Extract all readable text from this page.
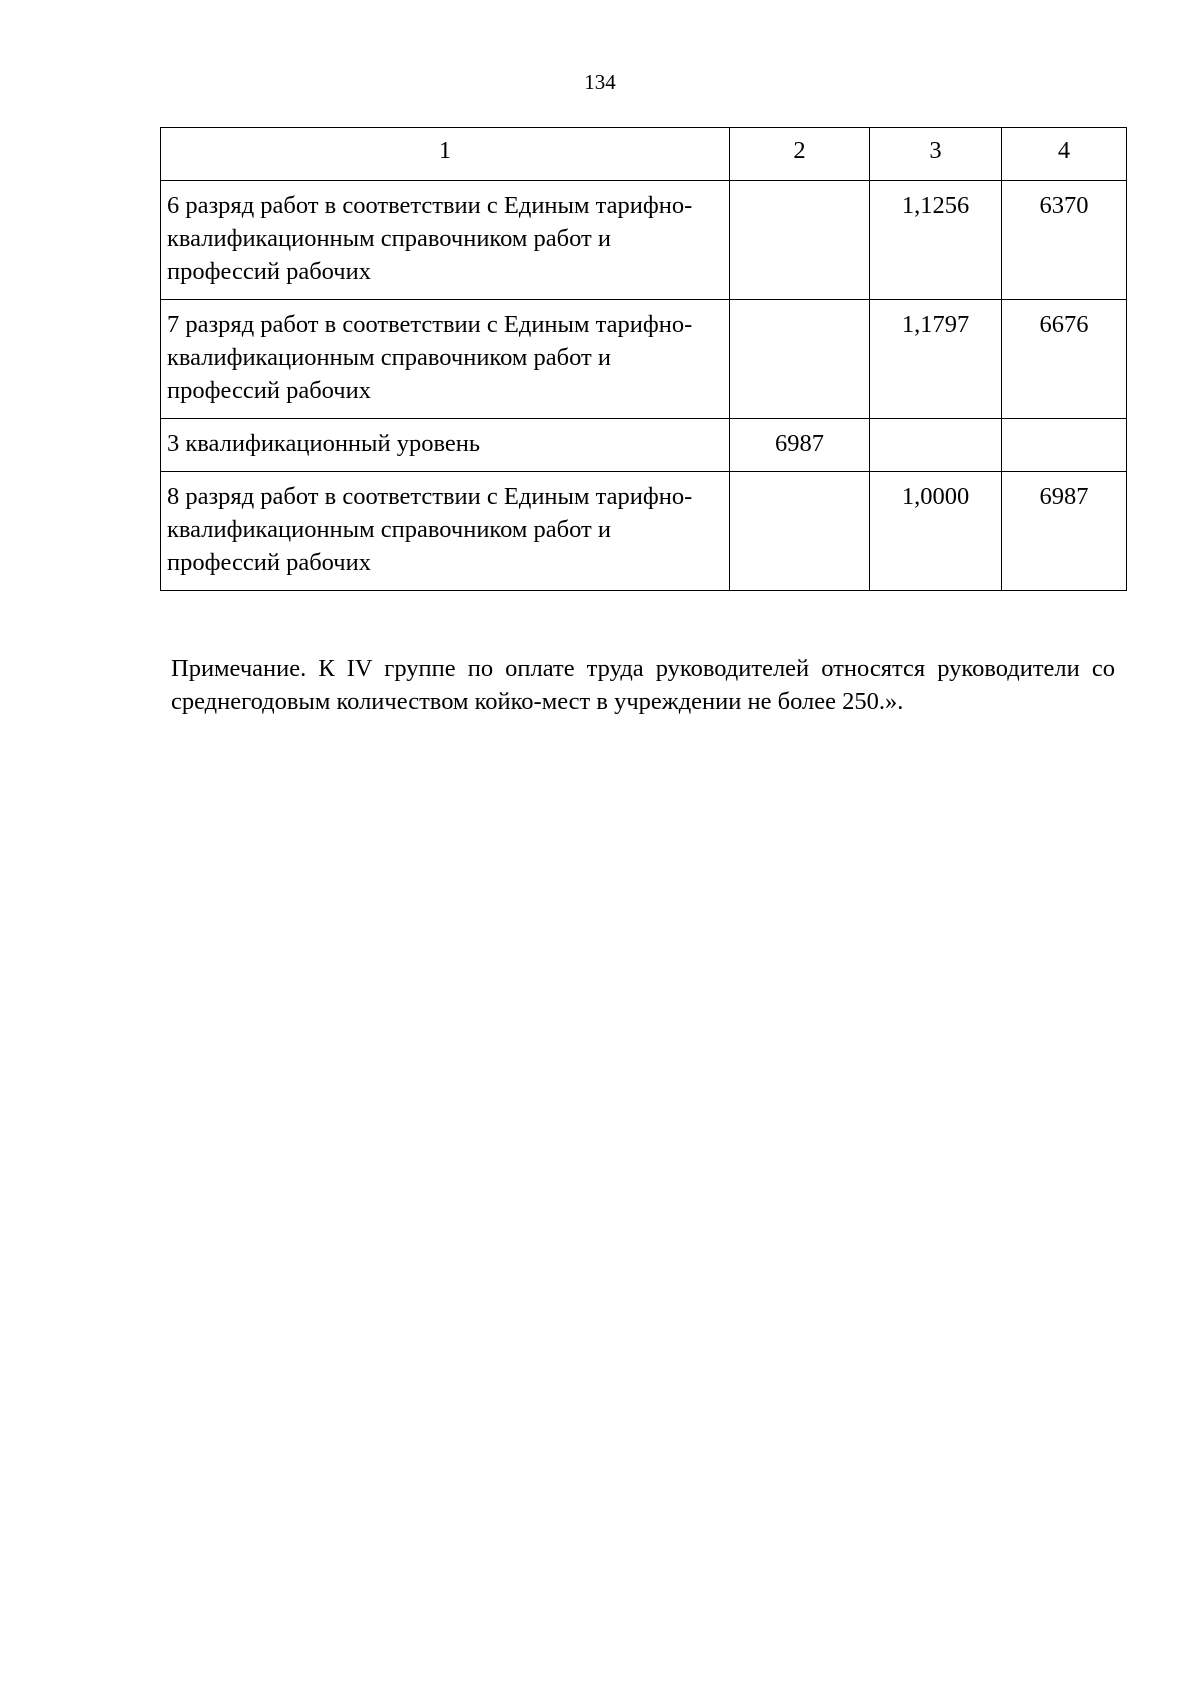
134
1	2	3	4
6 разряд работ в соответствии с Единым тарифно-квалификационным справочником работ и профессий рабочих		1,1256	6370
7 разряд работ в соответствии с Единым тарифно-квалификационным справочником работ и профессий рабочих		1,1797	6676
3 квалификационный уровень	6987		
8 разряд работ в соответствии с Единым тарифно-квалификационным справочником работ и профессий рабочих		1,0000	6987

Примечание. К IV группе по оплате труда руководителей относятся руководители со среднегодовым количеством койко-мест в учреждении не более 250.».
